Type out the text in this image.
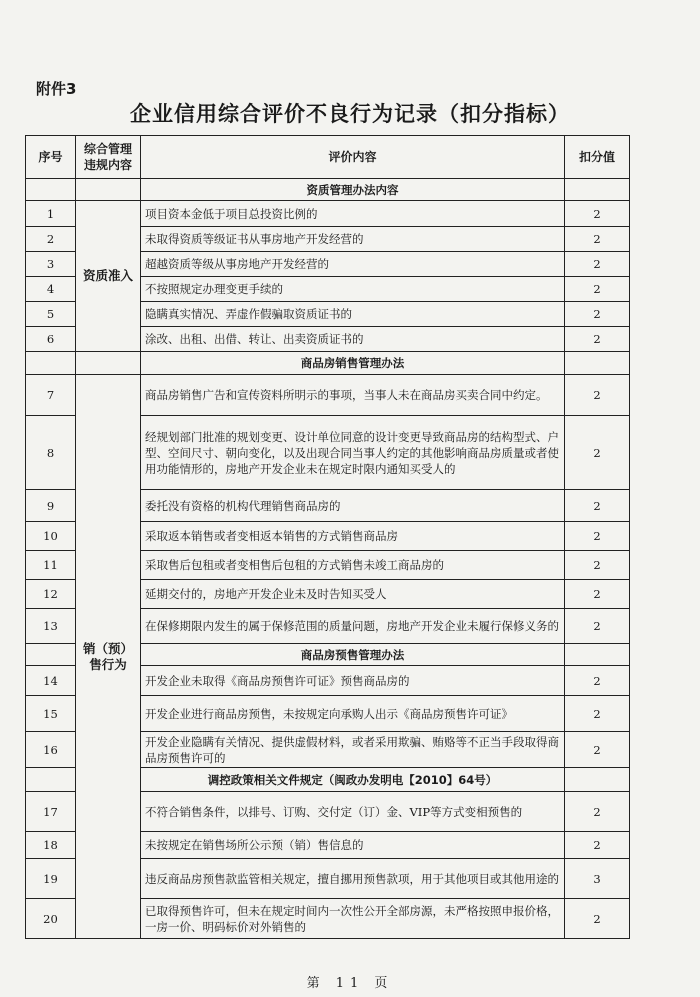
附件3
企业信用综合评价不良行为记录（扣分指标）
序号	综合管理违规内容	评价内容	扣分值
		资质管理办法内容	
1	资质准入	项目资本金低于项目总投资比例的	2
2		未取得资质等级证书从事房地产开发经营的	2
3		超越资质等级从事房地产开发经营的	2
4		不按照规定办理变更手续的	2
5		隐瞒真实情况、弄虚作假骗取资质证书的	2
6		涂改、出租、出借、转让、出卖资质证书的	2
		商品房销售管理办法	
7	销（预）售行为	商品房销售广告和宣传资料所明示的事项，当事人未在商品房买卖合同中约定。	2
8		经规划部门批准的规划变更、设计单位同意的设计变更导致商品房的结构型式、户型、空间尺寸、朝向变化，以及出现合同当事人约定的其他影响商品房质量或者使用功能情形的，房地产开发企业未在规定时限内通知买受人的	2
9		委托没有资格的机构代理销售商品房的	2
10		采取返本销售或者变相返本销售的方式销售商品房	2
11		采取售后包租或者变相售后包租的方式销售未竣工商品房的	2
12		延期交付的，房地产开发企业未及时告知买受人	2
13		在保修期限内发生的属于保修范围的质量问题，房地产开发企业未履行保修义务的	2
		商品房预售管理办法	
14		开发企业未取得《商品房预售许可证》预售商品房的	2
15		开发企业进行商品房预售，未按规定向承购人出示《商品房预售许可证》	2
16		开发企业隐瞒有关情况、提供虚假材料，或者采用欺骗、贿赂等不正当手段取得商品房预售许可的	2
		调控政策相关文件规定（闽政办发明电【2010】64号）	
17		不符合销售条件，以排号、订购、交付定（订）金、VIP等方式变相预售的	2
18		未按规定在销售场所公示预（销）售信息的	2
19		违反商品房预售款监管相关规定，擅自挪用预售款项，用于其他项目或其他用途的	3
20		已取得预售许可，但未在规定时间内一次性公开全部房源，未严格按照申报价格，一房一价、明码标价对外销售的	2
第 11 页
